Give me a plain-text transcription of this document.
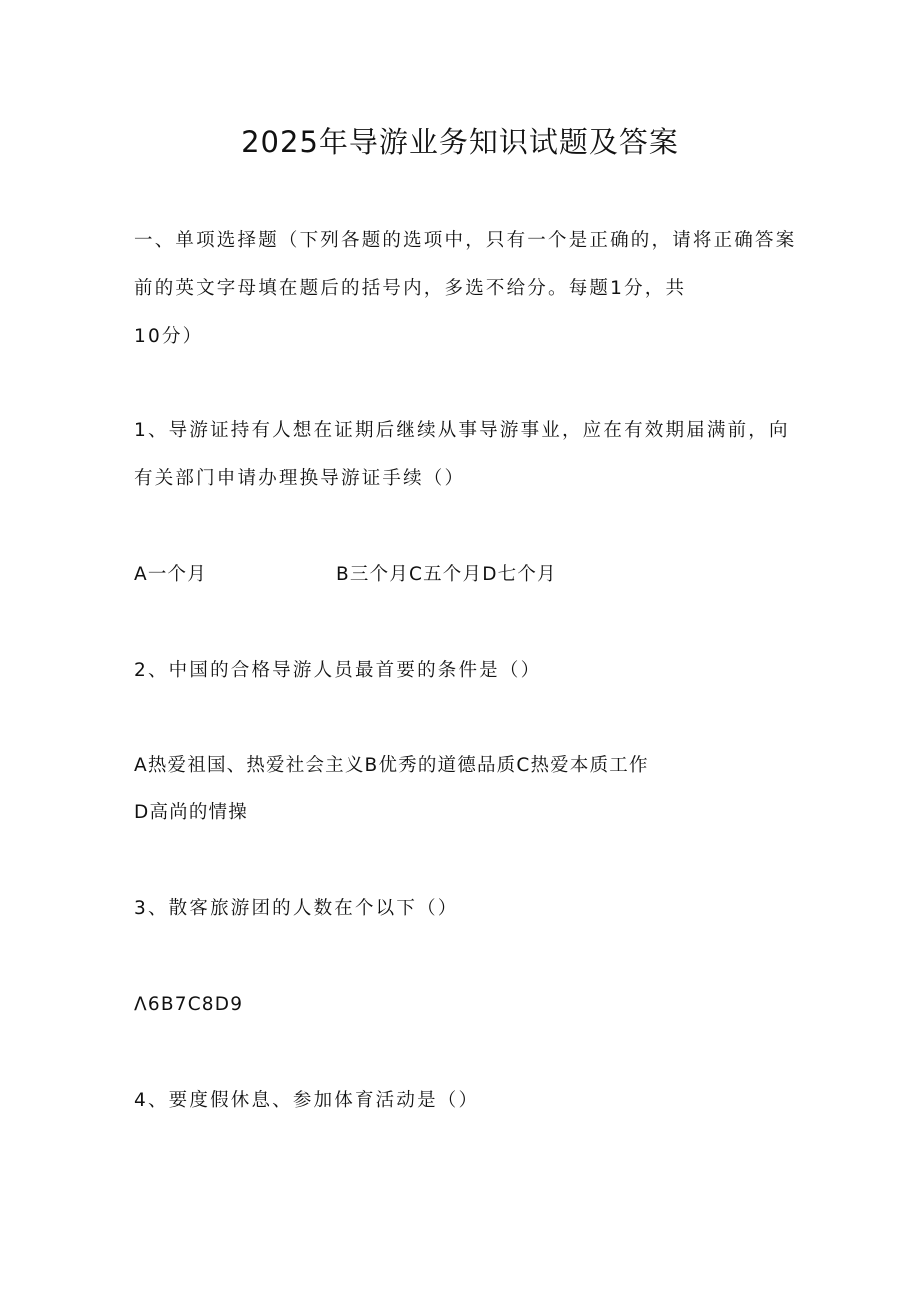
2025年导游业务知识试题及答案
一、单项选择题（下列各题的选项中，只有一个是正确的，请将正确答案
前的英文字母填在题后的括号内，多选不给分。每题1分，共
10分）
1、导游证持有人想在证期后继续从事导游事业，应在有效期届满前，向
有关部门申请办理换导游证手续（）
A一个月	B三个月C五个月D七个月
2、中国的合格导游人员最首要的条件是（）
A热爱祖国、热爱社会主义B优秀的道德品质C热爱本质工作
D高尚的情操
3、散客旅游团的人数在个以下（）
Λ6B7C8D9
4、要度假休息、参加体育活动是（）
